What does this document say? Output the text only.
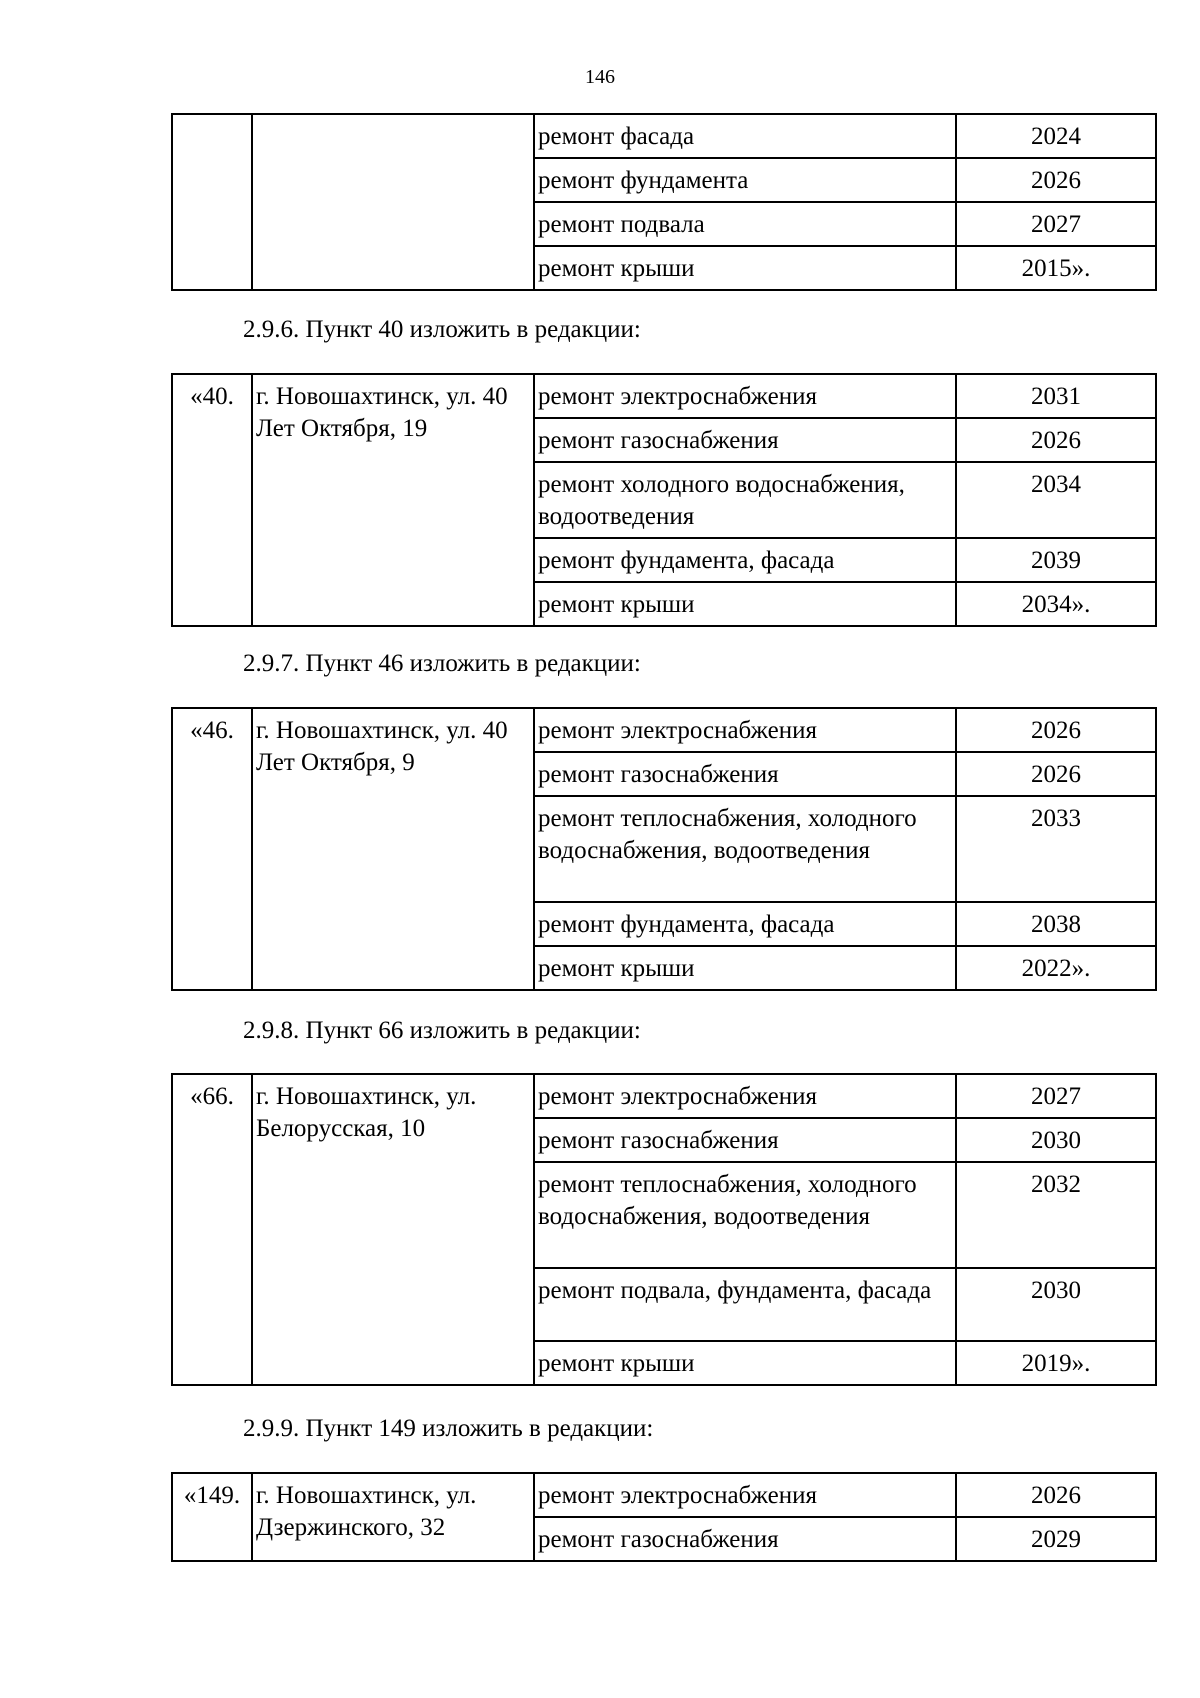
146
		ремонт фасада	2024
		ремонт фундамента	2026
		ремонт подвала	2027
		ремонт крыши	2015».
2.9.6. Пункт 40 изложить в редакции:
«40.	г. Новошахтинск, ул. 40 Лет Октября, 19	ремонт электроснабжения	2031
		ремонт газоснабжения	2026
		ремонт холодного водоснабжения, водоотведения	2034
		ремонт фундамента, фасада	2039
		ремонт крыши	2034».
2.9.7. Пункт 46 изложить в редакции:
«46.	г. Новошахтинск, ул. 40 Лет Октября, 9	ремонт электроснабжения	2026
		ремонт газоснабжения	2026
		ремонт теплоснабжения, холодного водоснабжения, водоотведения	2033
		ремонт фундамента, фасада	2038
		ремонт крыши	2022».
2.9.8. Пункт 66 изложить в редакции:
«66.	г. Новошахтинск, ул. Белорусская, 10	ремонт электроснабжения	2027
		ремонт газоснабжения	2030
		ремонт теплоснабжения, холодного водоснабжения, водоотведения	2032
		ремонт подвала, фундамента, фасада	2030
		ремонт крыши	2019».
2.9.9. Пункт 149 изложить в редакции:
«149.	г. Новошахтинск, ул. Дзержинского, 32	ремонт электроснабжения	2026
		ремонт газоснабжения	2029
